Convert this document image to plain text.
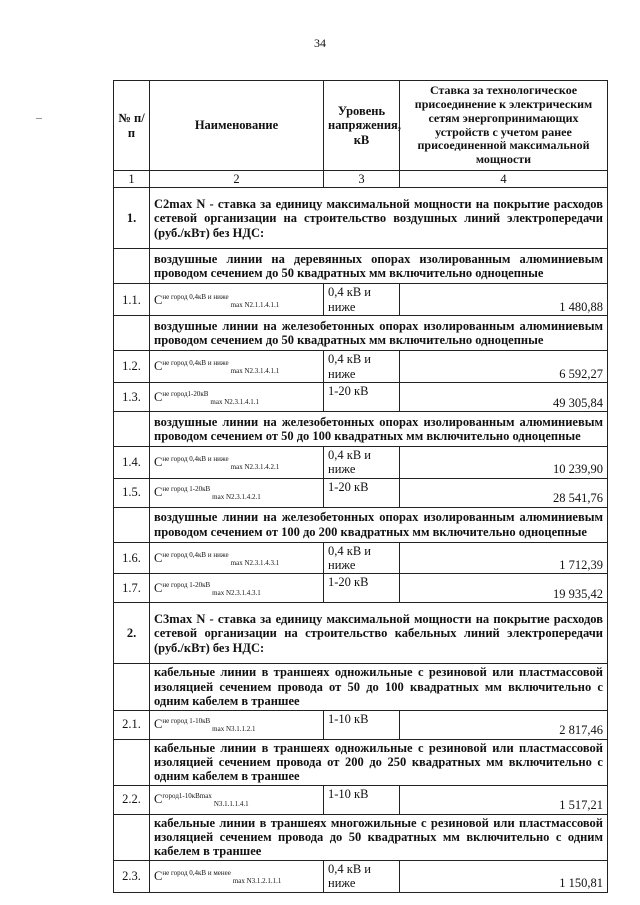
34
№ п/п	Наименование	Уровень напряжения, кВ	Ставка за технологическое присоединение к электрическим сетям энергопринимающих устройств с учетом ранее присоединенной максимальной мощности
1	2	3	4
1.	C2max N - ставка за единицу максимальной мощности на покрытие расходов сетевой организации на строительство воздушных линий электропередачи (руб./кВт) без НДС:		
	воздушные линии на деревянных опорах изолированным алюминиевым проводом сечением до 50 квадратных мм включительно одноцепные		
1.1.	$C^{не город 0,4кВ и ниже}_{max N2.1.1.4.1.1}$	0,4 кВ и ниже	1 480,88
	воздушные линии на железобетонных опорах изолированным алюминиевым проводом сечением до 50 квадратных мм включительно одноцепные		
1.2.	$C^{не город 0,4кВ и ниже}_{max N2.3.1.4.1.1}$	0,4 кВ и ниже	6 592,27
1.3.	$C^{не город1-20кВ}_{max N2.3.1.4.1.1}$	1-20 кВ	49 305,84
	воздушные линии на железобетонных опорах изолированным алюминиевым проводом сечением от 50 до 100 квадратных мм включительно одноцепные		
1.4.	$C^{не город 0,4кВ и ниже}_{max N2.3.1.4.2.1}$	0,4 кВ и ниже	10 239,90
1.5.	$C^{не город 1-20кВ}_{max N2.3.1.4.2.1}$	1-20 кВ	28 541,76
	воздушные линии на железобетонных опорах изолированным алюминиевым проводом сечением от 100 до 200 квадратных мм включительно одноцепные		
1.6.	$C^{не город 0,4кВ и ниже}_{max N2.3.1.4.3.1}$	0,4 кВ и ниже	1 712,39
1.7.	$C^{не город 1-20кВ}_{max N2.3.1.4.3.1}$	1-20 кВ	19 935,42
2.	C3max N - ставка за единицу максимальной мощности на покрытие расходов сетевой организации на строительство кабельных линий электропередачи (руб./кВт) без НДС:		
	кабельные линии в траншеях одножильные с резиновой или пластмассовой изоляцией сечением провода от 50 до 100 квадратных мм включительно с одним кабелем в траншее		
2.1.	$C^{не город 1-10кВ}_{max N3.1.1.2.1}$	1-10 кВ	2 817,46
	кабельные линии в траншеях одножильные с резиновой или пластмассовой изоляцией сечением провода от 200 до 250 квадратных мм включительно с одним кабелем в траншее		
2.2.	$C^{город1-10кВmax}_{N3.1.1.1.4.1}$	1-10 кВ	1 517,21
	кабельные линии в траншеях многожильные с резиновой или пластмассовой изоляцией сечением провода до 50 квадратных мм включительно с одним кабелем в траншее		
2.3.	$C^{не город 0,4кВ и менее}_{max N3.1.2.1.1.1}$	0,4 кВ и ниже	1 150,81
